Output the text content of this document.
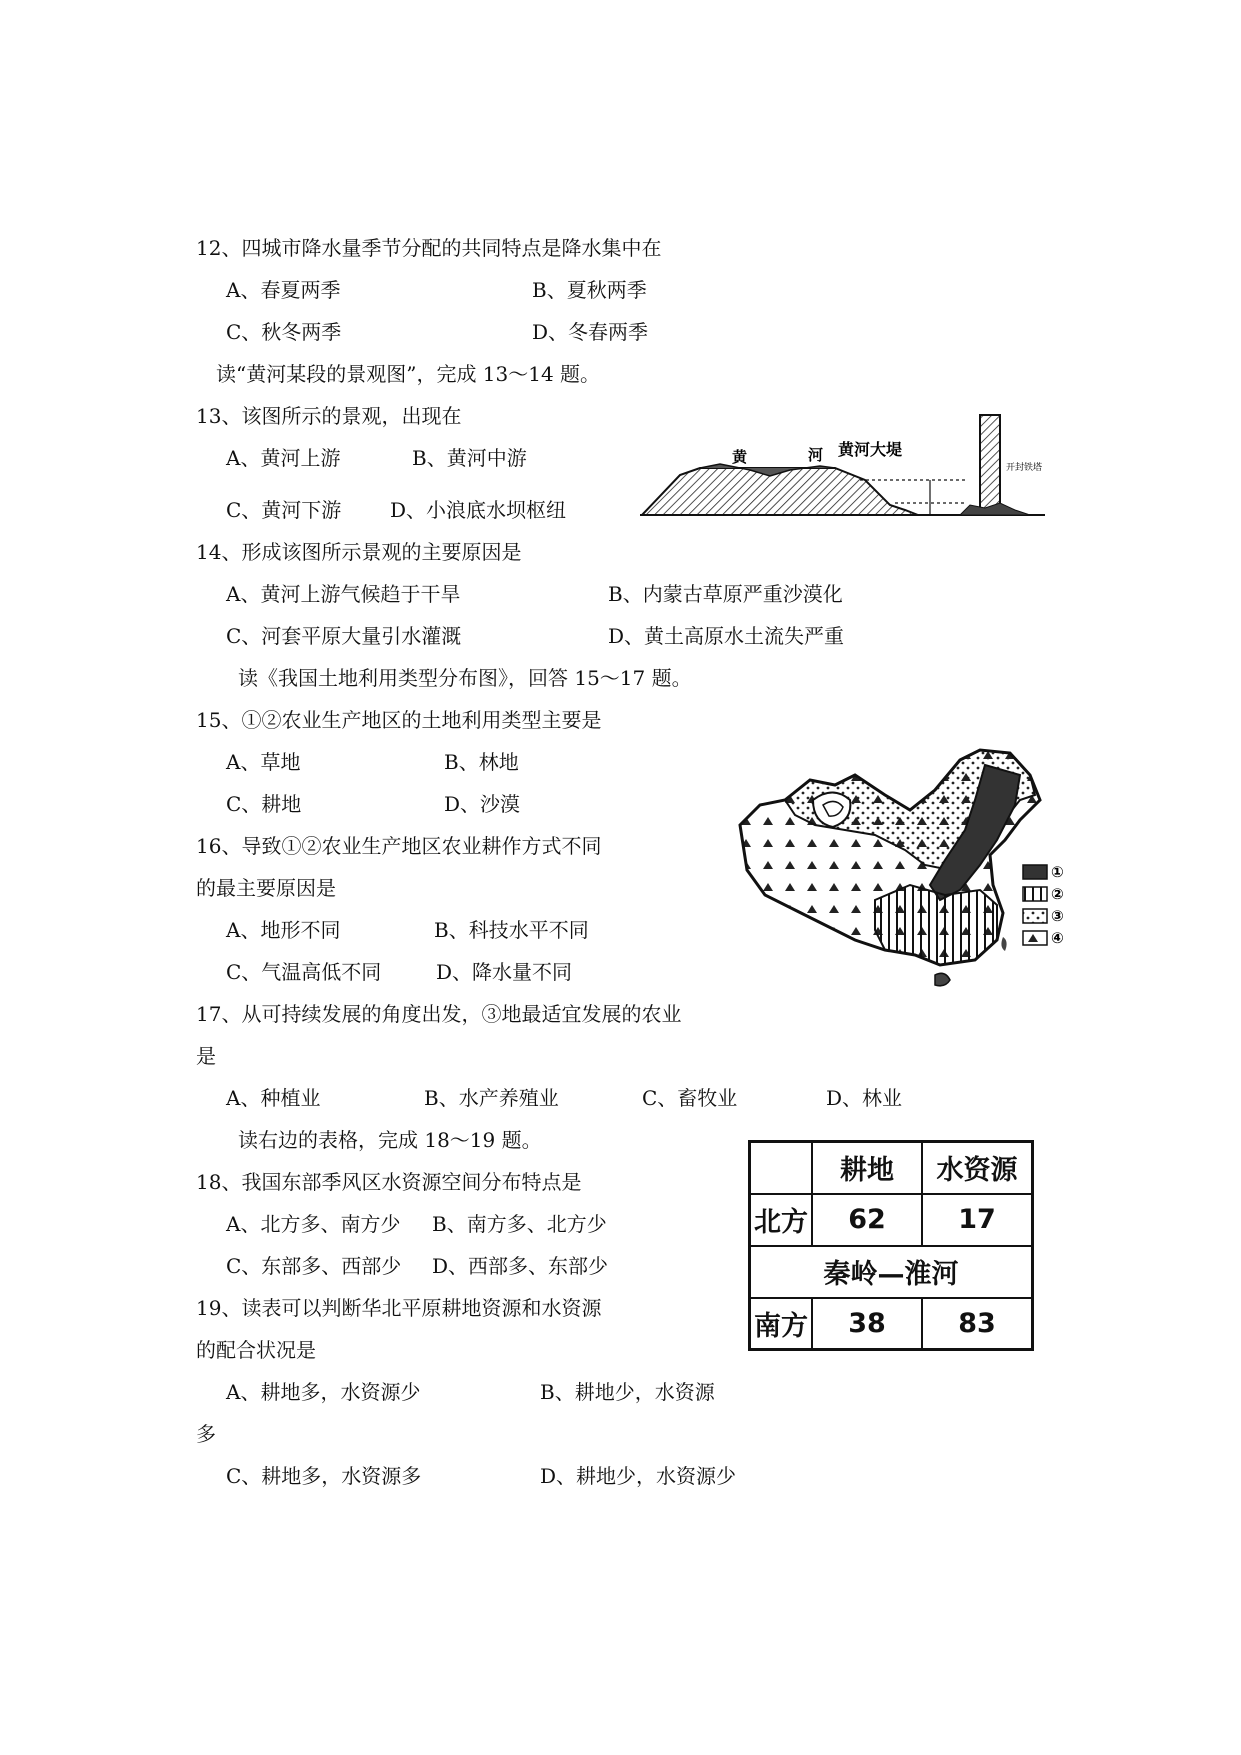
12、四城市降水量季节分配的共同特点是降水集中在
A、春夏两季	B、夏秋两季
C、秋冬两季	D、冬春两季
读“黄河某段的景观图”，完成 13～14 题。
13、该图所示的景观，出现在
A、黄河上游	B、黄河中游
C、黄河下游 D、小浪底水坝枢纽
黄	河 黄河大堤
开封铁塔
14、形成该图所示景观的主要原因是
A、黄河上游气候趋于干旱	B、内蒙古草原严重沙漠化
C、河套平原大量引水灌溉	D、黄土高原水土流失严重
读《我国土地利用类型分布图》，回答 15～17 题。
15、①②农业生产地区的土地利用类型主要是
A、草地	B、林地
C、耕地	D、沙漠
16、导致①②农业生产地区农业耕作方式不同
的最主要原因是
A、地形不同	B、科技水平不同
C、气温高低不同	D、降水量不同
①
②
③
④
17、从可持续发展的角度出发，③地最适宜发展的农业
是
A、种植业	B、水产养殖业	C、畜牧业	D、林业
读右边的表格，完成 18～19 题。
18、我国东部季风区水资源空间分布特点是
A、北方多、南方少 B、南方多、北方少
C、东部多、西部少 D、西部多、东部少
	耕地	水资源
北方	62	17
秦岭—淮河		
南方	38	83
19、读表可以判断华北平原耕地资源和水资源
的配合状况是
A、耕地多，水资源少	B、耕地少，水资源
多
C、耕地多，水资源多	D、耕地少，水资源少
